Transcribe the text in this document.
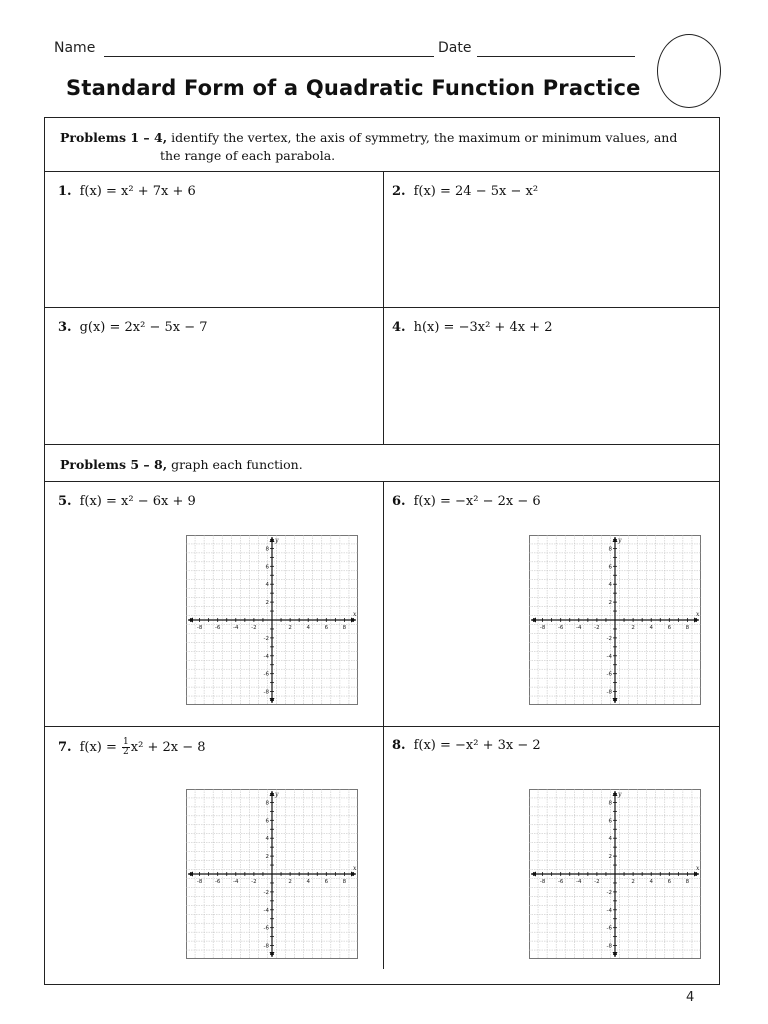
Name	Date
Standard Form of a Quadratic Function Practice
Problems 1 – 4, identify the vertex, the axis of symmetry, the maximum or minimum values, and
the range of each parabola.
1. f(x) = x² + 7x + 6	2. f(x) = 24 − 5x − x²
3. g(x) = 2x² − 5x − 7	4. h(x) = −3x² + 4x + 2
Problems 5 – 8, graph each function.
5. f(x) = x² − 6x + 9	6. f(x) = −x² − 2x − 6
7. $f(x) = \frac{1}{2} x^2 + 2x - 8$	8. f(x) = −x² + 3x − 2
-8 -6 -4 -2	2	4	6	8
8
6
4
2
-2
-4
-6
-8
x
y
-8 -6 -4 -2	2	4	6	8
8
6
4
2
-2
-4
-6
-8
x
y
-8 -6 -4 -2	2	4	6	8
8
6
4
2
-2
-4
-6
-8
x
y
-8 -6 -4 -2	2	4	6	8
8
6
4
2
-2
-4
-6
-8
x
y
4
